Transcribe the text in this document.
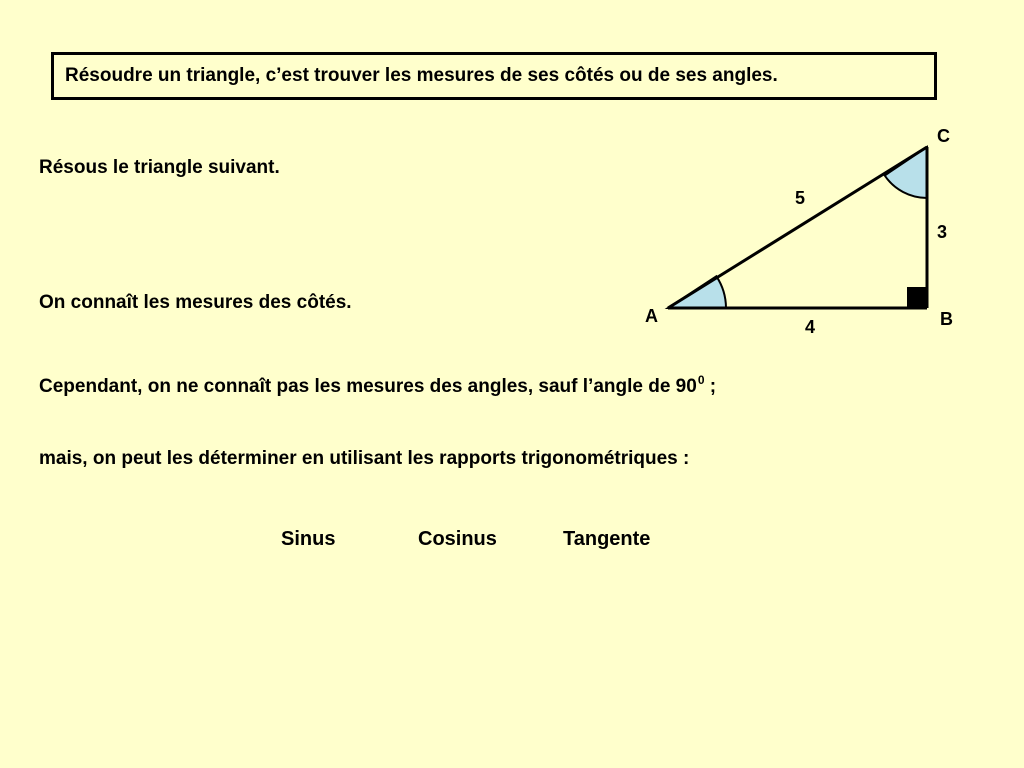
Résoudre un triangle, c’est trouver les mesures de ses côtés ou de ses angles.
Résous le triangle suivant.
On connaît les mesures des côtés.
Cependant, on ne connaît pas les mesures des angles, sauf l’angle de $90^0$ ;
mais, on peut les déterminer en utilisant les rapports trigonométriques :
Sinus	Cosinus	Tangente
A	B
C
5
3
4
